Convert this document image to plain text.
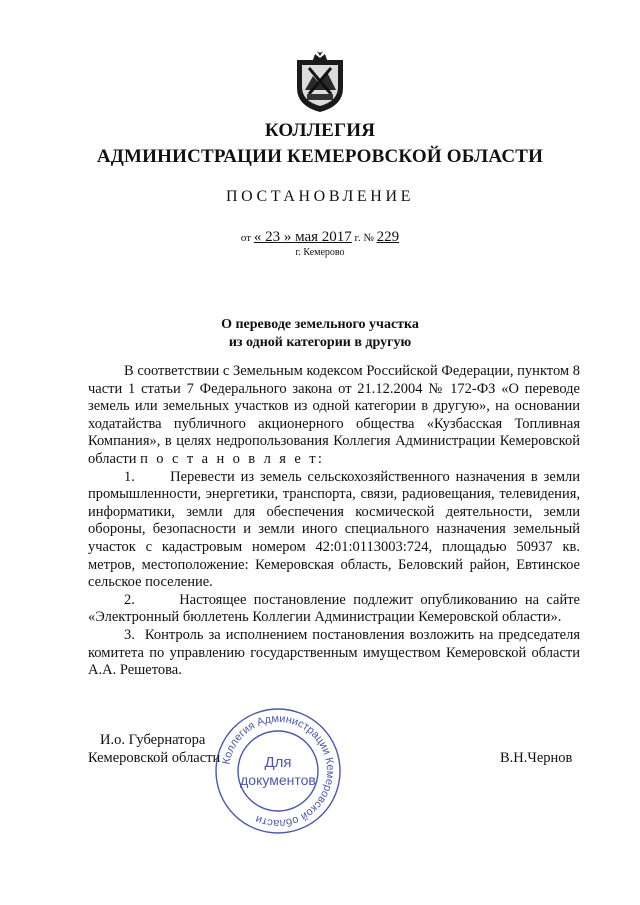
КОЛЛЕГИЯ
АДМИНИСТРАЦИИ КЕМЕРОВСКОЙ ОБЛАСТИ
ПОСТАНОВЛЕНИЕ
от « 23 » мая 2017 г. № 229
г. Кемерово
О переводе земельного участка
из одной категории в другую

В соответствии с Земельным кодексом Российской Федерации, пунктом 8 части 1 статьи 7 Федерального закона от 21.12.2004 № 172-ФЗ «О переводе земель или земельных участков из одной категории в другую», на основании ходатайства публичного акционерного общества «Кузбасская Топливная Компания», в целях недропользования Коллегия Администрации Кемеровской области п о с т а н о в л я е т:

1.      Перевести из земель сельскохозяйственного назначения в земли промышленности, энергетики, транспорта, связи, радиовещания, телевидения, информатики, земли для обеспечения космической деятельности, земли обороны, безопасности и земли иного специального назначения земельный участок с кадастровым номером 42:01:0113003:724, площадью 50937 кв. метров, местоположение: Кемеровская область, Беловский район, Евтинское сельское поселение.

2.      Настоящее постановление подлежит опубликованию на сайте «Электронный бюллетень Коллегии Администрации Кемеровской области».

3.  Контроль за исполнением постановления возложить на председателя комитета по управлению государственным имуществом Кемеровской области А.А. Решетова.

И.о. Губернатора
Кемеровской области	В.Н.Чернов
Коллегия Администрации Кемеровской области
Для
документов
